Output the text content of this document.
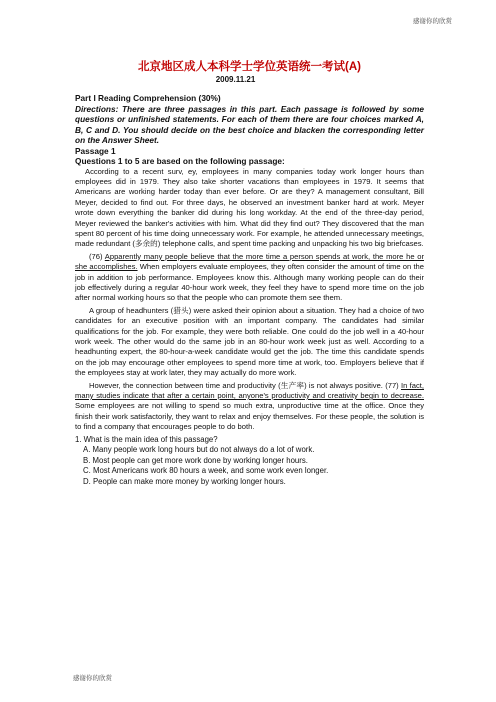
感谢你的欣赏

北京地区成人本科学士学位英语统一考试(A)

2009.11.21

Part I Reading Comprehension (30%)

Directions: There are three passages in this part. Each passage is followed by some questions or unfinished statements. For each of them there are four choices marked A, B, C and D. You should decide on the best choice and blacken the corresponding letter on the Answer Sheet.

Passage 1

Questions 1 to 5 are based on the following passage:

According to a recent surv, ey, employees in many companies today work longer hours than employees did in 1979. They also take shorter vacations than employees in 1979. It seems that Americans are working harder today than ever before. Or are they? A management consultant, Bill Meyer, decided to find out. For three days, he observed an investment banker hard at work. Meyer wrote down everything the banker did during his long workday. At the end of the three-day period, Meyer reviewed the banker's activities with him. What did they find out? They discovered that the man spent 80 percent of his time doing unnecessary work. For example, he attended unnecessary meetings, made redundant (多余的) telephone calls, and spent time packing and unpacking his two big briefcases.

(76) Apparently many people believe that the more time a person spends at work, the more he or she accomplishes. When employers evaluate employees, they often consider the amount of time on the job in addition to job performance. Employees know this. Although many working people can do their job effectively during a regular 40-hour work week, they feel they have to spend more time on the job after normal working hours so that the people who can promote them see them.

A group of headhunters (猎头) were asked their opinion about a situation. They had a choice of two candidates for an executive position with an important company. The candidates had similar qualifications for the job. For example, they were both reliable. One could do the job well in a 40-hour work week. The other would do the same job in an 80-hour work week just as well. According to a headhunting expert, the 80-hour-a-week candidate would get the job. The time this candidate spends on the job may encourage other employees to spend more time at work, too. Employers believe that if the employees stay at work later, they may actually do more work.

However, the connection between time and productivity (生产率) is not always positive. (77) In fact, many studies indicate that after a certain point, anyone's productivity and creativity begin to decrease. Some employees are not willing to spend so much extra, unproductive time at the office. Once they finish their work satisfactorily, they want to relax and enjoy themselves. For these people, the solution is to find a company that encourages people to do both.

1. What is the main idea of this passage?

A. Many people work long hours but do not always do a lot of work.

B. Most people can get more work done by working longer hours.

C. Most Americans work 80 hours a week, and some work even longer.

D. People can make more money by working longer hours.

感谢你的欣赏
